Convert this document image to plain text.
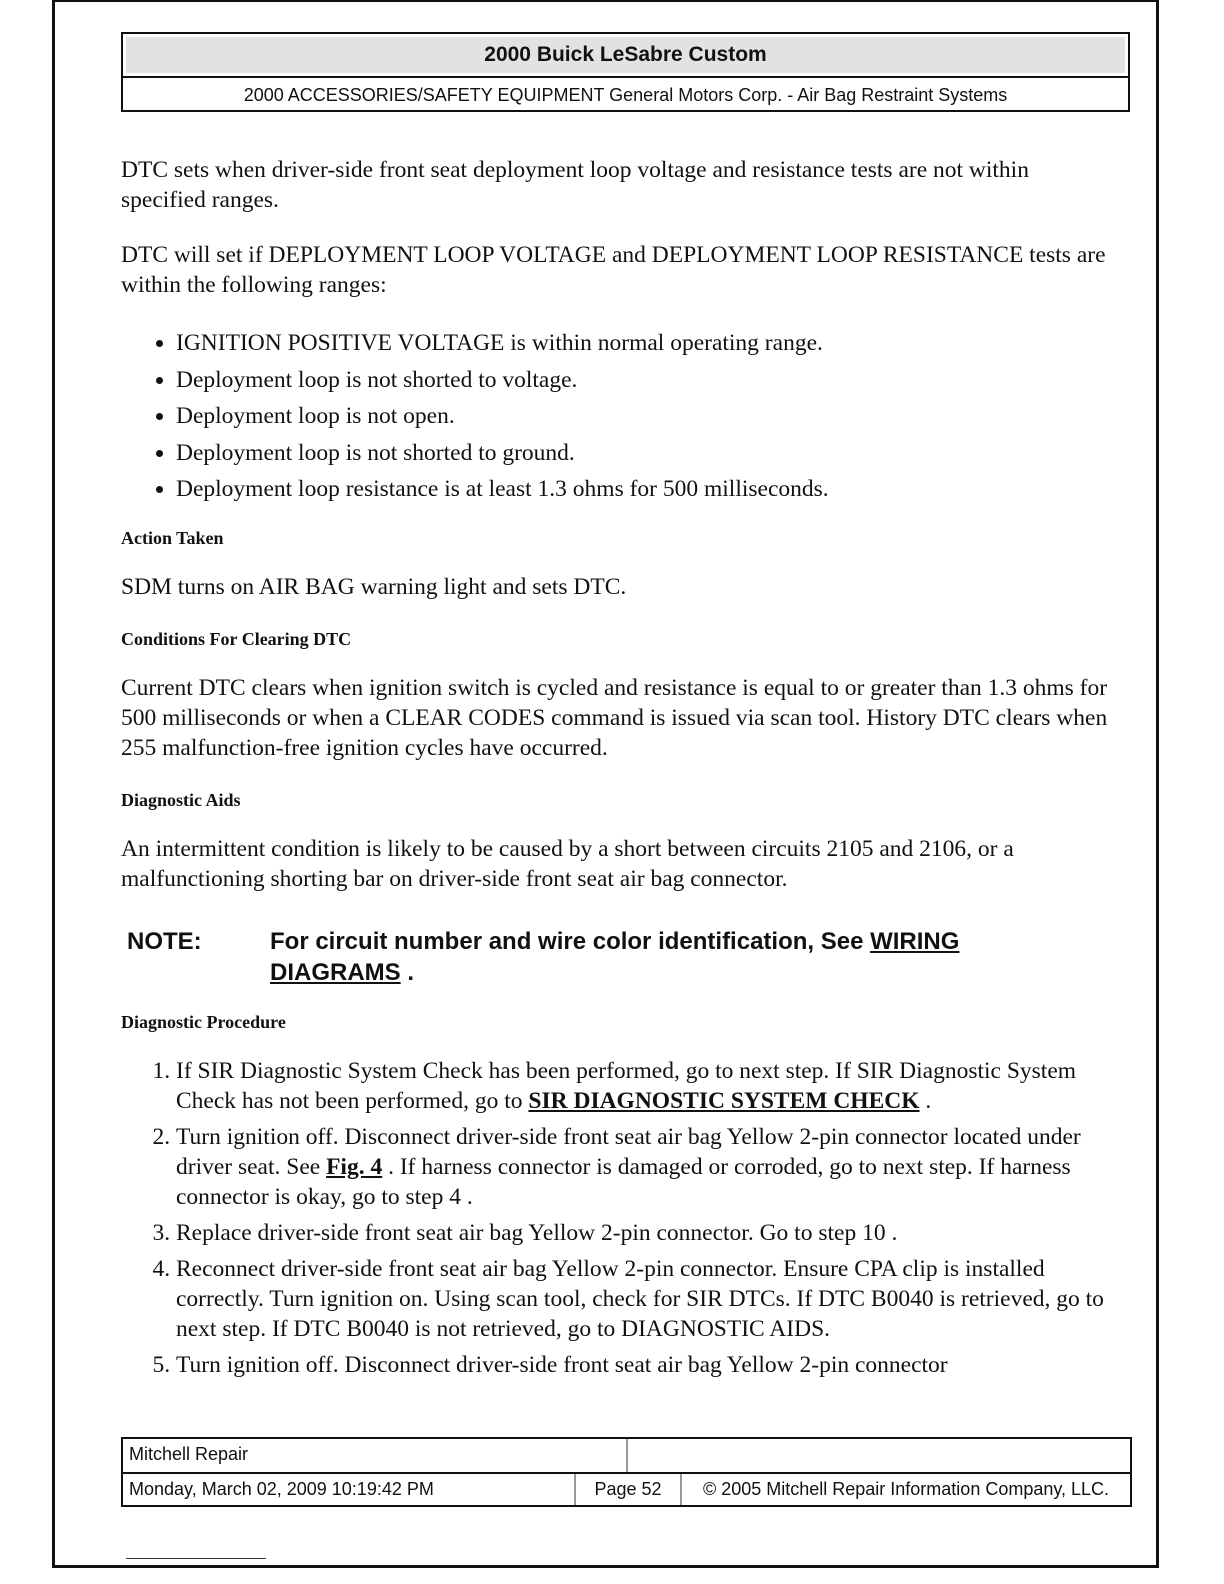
2000 Buick LeSabre Custom
2000 ACCESSORIES/SAFETY EQUIPMENT General Motors Corp. - Air Bag Restraint Systems

DTC sets when driver-side front seat deployment loop voltage and resistance tests are not within specified ranges.

DTC will set if DEPLOYMENT LOOP VOLTAGE and DEPLOYMENT LOOP RESISTANCE tests are within the following ranges:

• IGNITION POSITIVE VOLTAGE is within normal operating range.
• Deployment loop is not shorted to voltage.
• Deployment loop is not open.
• Deployment loop is not shorted to ground.
• Deployment loop resistance is at least 1.3 ohms for 500 milliseconds.
Action Taken

SDM turns on AIR BAG warning light and sets DTC.

Conditions For Clearing DTC

Current DTC clears when ignition switch is cycled and resistance is equal to or greater than 1.3 ohms for 500 milliseconds or when a CLEAR CODES command is issued via scan tool. History DTC clears when 255 malfunction-free ignition cycles have occurred.

Diagnostic Aids

An intermittent condition is likely to be caused by a short between circuits 2105 and 2106, or a malfunctioning shorting bar on driver-side front seat air bag connector.

NOTE:	For circuit number and wire color identification, See WIRING DIAGRAMS .
Diagnostic Procedure
1. If SIR Diagnostic System Check has been performed, go to next step. If SIR Diagnostic System Check has not been performed, go to SIR DIAGNOSTIC SYSTEM CHECK .
2. Turn ignition off. Disconnect driver-side front seat air bag Yellow 2-pin connector located under driver seat. See Fig. 4 . If harness connector is damaged or corroded, go to next step. If harness connector is okay, go to step 4 .
3. Replace driver-side front seat air bag Yellow 2-pin connector. Go to step 10 .
4. Reconnect driver-side front seat air bag Yellow 2-pin connector. Ensure CPA clip is installed correctly. Turn ignition on. Using scan tool, check for SIR DTCs. If DTC B0040 is retrieved, go to next step. If DTC B0040 is not retrieved, go to DIAGNOSTIC AIDS.
5. Turn ignition off. Disconnect driver-side front seat air bag Yellow 2-pin connector
Mitchell Repair
Monday, March 02, 2009 10:19:42 PM	Page 52	© 2005 Mitchell Repair Information Company, LLC.
